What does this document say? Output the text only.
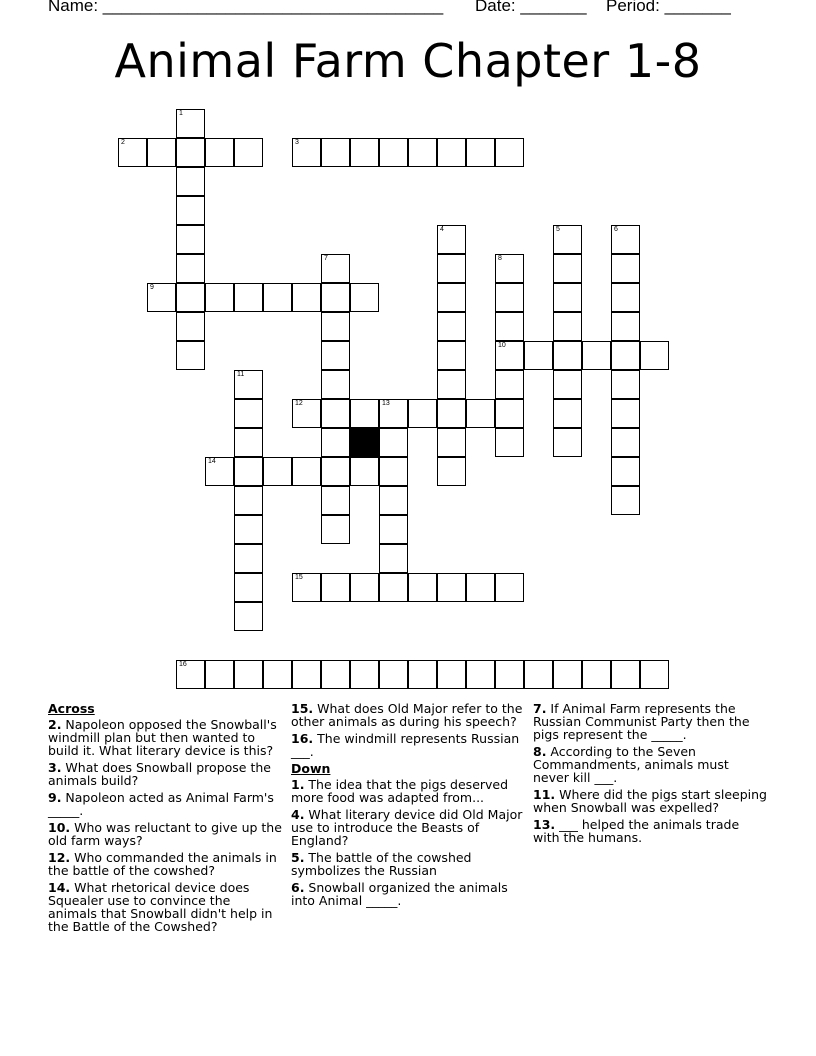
Name: ____________________________________ Date: _______ Period: _______
Animal Farm Chapter 1-8
1
2	3
4	5	6
7	8
9
10
11
12	13
14
15
16
Across
2. Napoleon opposed the Snowball's windmill plan but then wanted to build it. What literary device is this?
3. What does Snowball propose the animals build?
9. Napoleon acted as Animal Farm's _____.
10. Who was reluctant to give up the old farm ways?
12. Who commanded the animals in the battle of the cowshed?
14. What rhetorical device does Squealer use to convince the animals that Snowball didn't help in the Battle of the Cowshed?
15. What does Old Major refer to the other animals as during his speech?
16. The windmill represents Russian ___.
Down
1. The idea that the pigs deserved more food was adapted from...
4. What literary device did Old Major use to introduce the Beasts of England?
5. The battle of the cowshed symbolizes the Russian
6. Snowball organized the animals into Animal _____.
7. If Animal Farm represents the Russian Communist Party then the pigs represent the _____.
8. According to the Seven Commandments, animals must never kill ___.
11. Where did the pigs start sleeping when Snowball was expelled?
13. ___ helped the animals trade with the humans.
